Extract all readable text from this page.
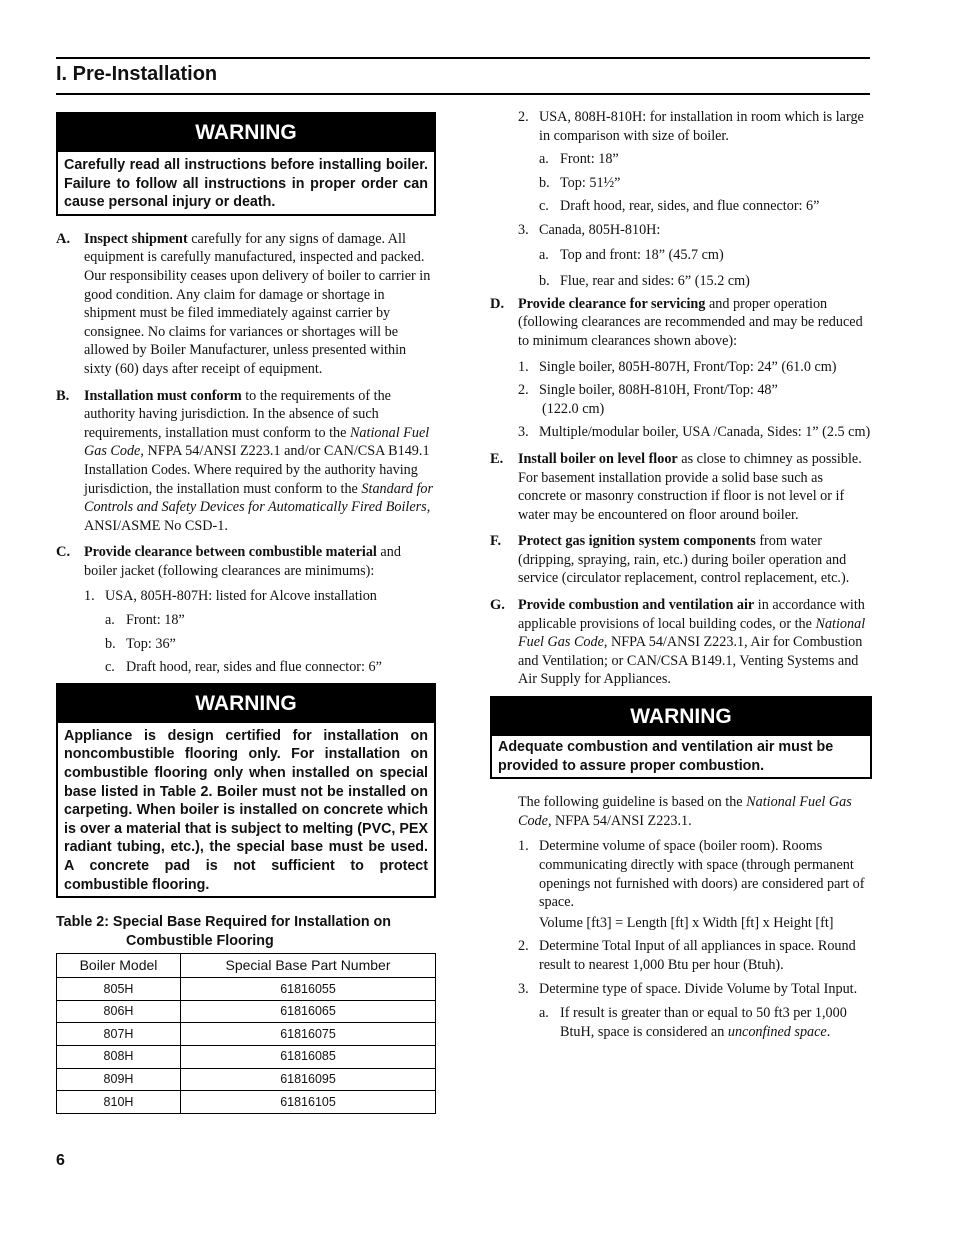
I. Pre-Installation
WARNING
Carefully read all instructions before installing boiler. Failure to follow all instructions in proper order can cause personal injury or death.
A. Inspect shipment carefully for any signs of damage. All equipment is carefully manufactured, inspected and packed. Our responsibility ceases upon delivery of boiler to carrier in good condition. Any claim for damage or shortage in shipment must be filed immediately against carrier by consignee. No claims for variances or shortages will be allowed by Boiler Manufacturer, unless presented within sixty (60) days after receipt of equipment.
B.	Installation must conform to the requirements of the authority having jurisdiction. In the absence of such requirements, installation must conform to the National Fuel Gas Code, NFPA 54/ANSI Z223.1 and/or CAN/CSA B149.1 Installation Codes. Where required by the authority having jurisdiction, the installation must conform to the Standard for Controls and Safety Devices for Automatically Fired Boilers, ANSI/ASME No CSD-1.
C. Provide clearance between combustible material and boiler jacket (following clearances are minimums):
1. USA, 805H-807H: listed for Alcove installation
a. Front: 18”
b. Top: 36”
c. Draft hood, rear, sides and flue connector: 6”
WARNING
Appliance is design certified for installation on noncombustible flooring only. For installation on combustible flooring only when installed on special base listed in Table 2. Boiler must not be installed on carpeting. When boiler is installed on concrete which is over a material that is subject to melting (PVC, PEX radiant tubing, etc.), the special base must be used. A concrete pad is not sufficient to protect combustible flooring.
Table 2: Special Base Required for Installation on
Combustible Flooring
Boiler Model	Special Base Part Number
805H	61816055
806H	61816065
807H	61816075
808H	61816085
809H	61816095
810H	61816105
2. USA, 808H-810H: for installation in room which is large in comparison with size of boiler.
a. Front: 18”
b. Top: 51½”
c. Draft hood, rear, sides, and flue connector: 6”
3. Canada, 805H-810H:
a. Top and front: 18” (45.7 cm)
b. Flue, rear and sides: 6” (15.2 cm)
D. Provide clearance for servicing and proper operation (following clearances are recommended and may be reduced to minimum clearances shown above):
1. Single boiler, 805H-807H, Front/Top: 24” (61.0 cm)
2. Single boiler, 808H-810H, Front/Top: 48”
(122.0 cm)
3. Multiple/modular boiler, USA /Canada, Sides: 1” (2.5 cm)
E.	Install boiler on level floor as close to chimney as possible. For basement installation provide a solid base such as concrete or masonry construction if floor is not level or if water may be encountered on floor around boiler.
F.	Protect gas ignition system components from water (dripping, spraying, rain, etc.) during boiler operation and service (circulator replacement, control replacement, etc.).
G. Provide combustion and ventilation air in accordance with applicable provisions of local building codes, or the National Fuel Gas Code, NFPA 54/ANSI Z223.1, Air for Combustion and Ventilation; or CAN/CSA B149.1, Venting Systems and Air Supply for Appliances.
WARNING
Adequate combustion and ventilation air must be provided to assure proper combustion.
The following guideline is based on the National Fuel Gas Code, NFPA 54/ANSI Z223.1.
1. Determine volume of space (boiler room). Rooms communicating directly with space (through permanent openings not furnished with doors) are considered part of space.
Volume [ft3] = Length [ft] x Width [ft] x Height [ft]
2. Determine Total Input of all appliances in space. Round result to nearest 1,000 Btu per hour (Btuh).
3. Determine type of space. Divide Volume by Total Input.
a. If result is greater than or equal to 50 ft3 per 1,000 BtuH, space is considered an unconfined space.
6
